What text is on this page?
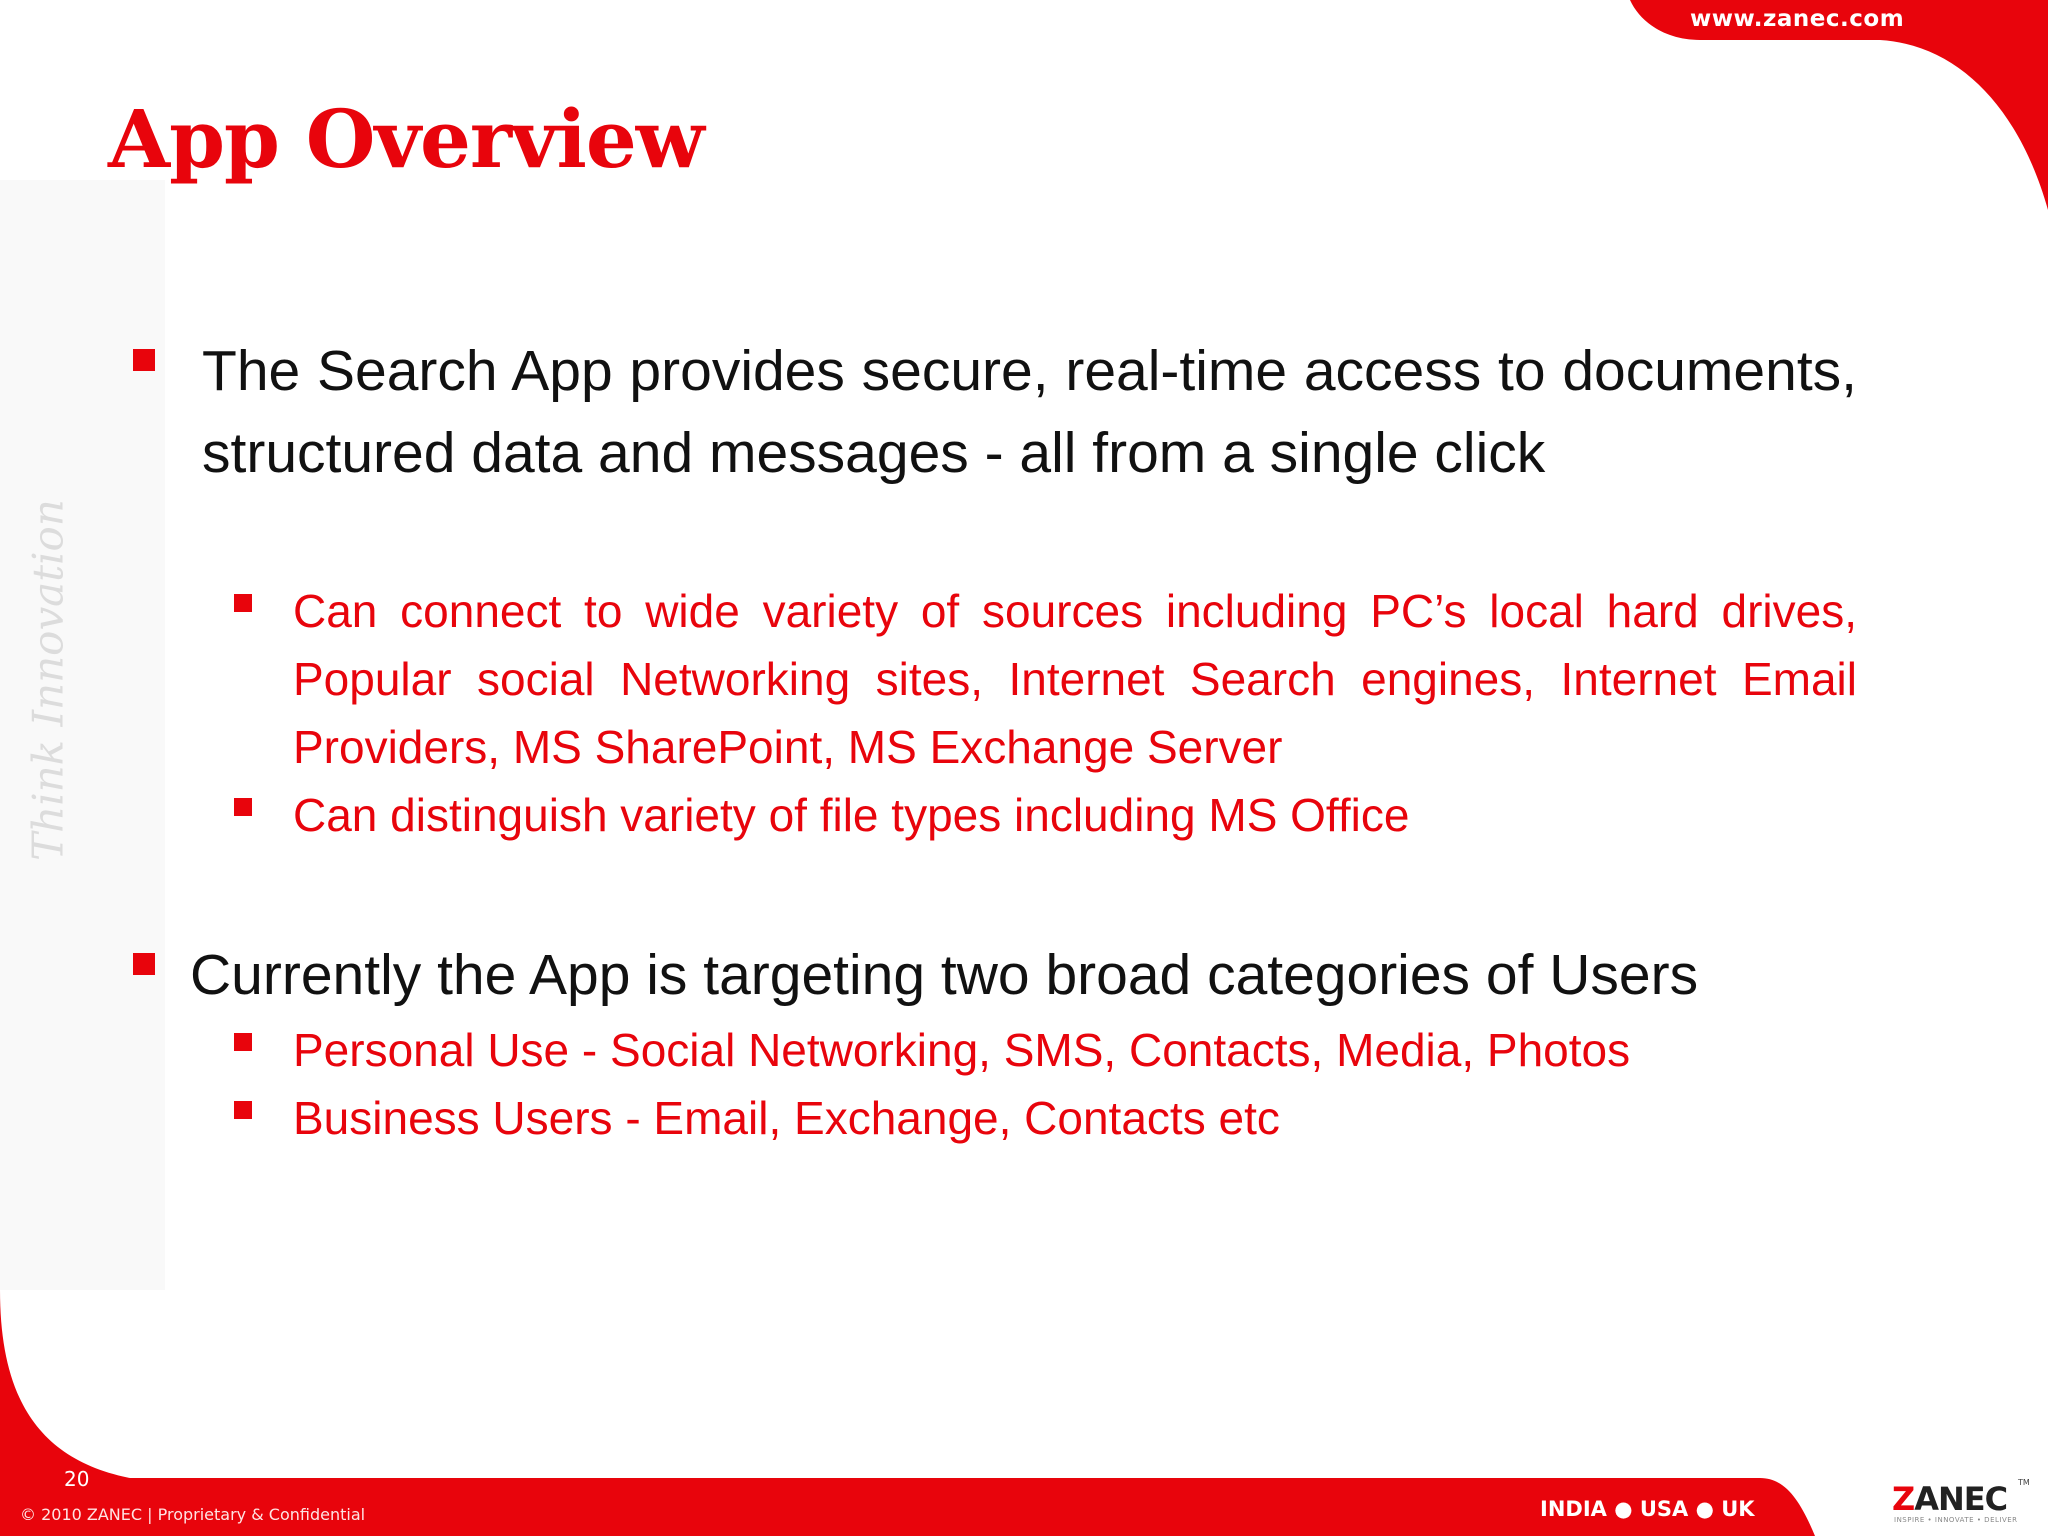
www.zanec.com
App Overview
Think Innovation
The Search App provides secure, real-time access to documents, structured data and messages - all from a single click
Can connect to wide variety of sources including PC’s local hard drives, Popular social Networking sites, Internet Search engines, Internet Email Providers, MS SharePoint, MS Exchange Server
Can distinguish variety of file types including MS Office
Currently the App is targeting two broad categories of Users
Personal Use - Social Networking, SMS, Contacts, Media, Photos
Business Users - Email, Exchange, Contacts etc
20
© 2010 ZANEC | Proprietary & Confidential	INDIA ● USA ● UK	ZANEC TM
INSPIRE • INNOVATE • DELIVER
